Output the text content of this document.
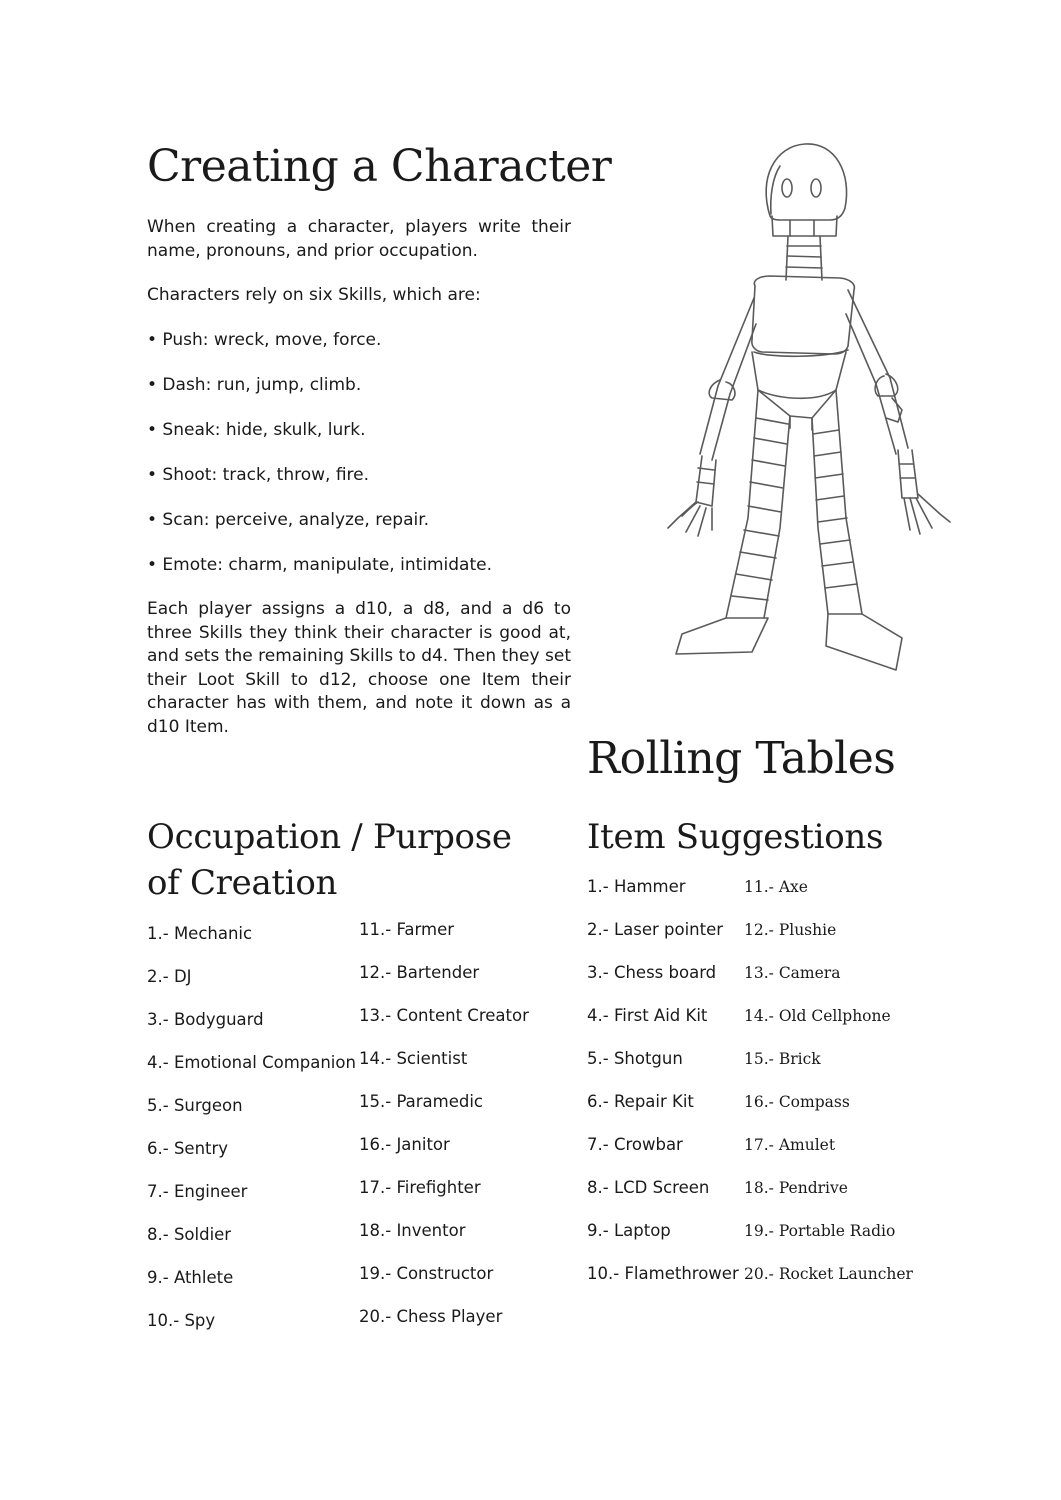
Creating a Character

When creating a character, players write their name, pronouns, and prior occupation.

Characters rely on six Skills, which are:

• Push: wreck, move, force.

• Dash: run, jump, climb.

• Sneak: hide, skulk, lurk.

• Shoot: track, throw, fire.

• Scan: perceive, analyze, repair.

• Emote: charm, manipulate, intimidate.

Each player assigns a d10, a d8, and a d6 to three Skills they think their character is good at, and sets the remaining Skills to d4. Then they set their Loot Skill to d12, choose one Item their character has with them, and note it down as a d10 Item.

Rolling Tables
Occupation / Purpose
of Creation

1.- Mechanic

2.- DJ

3.- Bodyguard

4.- Emotional Companion

5.- Surgeon

6.- Sentry

7.- Engineer

8.- Soldier

9.- Athlete

10.- Spy

11.- Farmer

12.- Bartender

13.- Content Creator

14.- Scientist

15.- Paramedic

16.- Janitor

17.- Firefighter

18.- Inventor

19.- Constructor

20.- Chess Player

Item Suggestions

1.- Hammer

2.- Laser pointer

3.- Chess board

4.- First Aid Kit

5.- Shotgun

6.- Repair Kit

7.- Crowbar

8.- LCD Screen

9.- Laptop

10.- Flamethrower

11.- Axe

12.- Plushie

13.- Camera

14.- Old Cellphone

15.- Brick

16.- Compass

17.- Amulet

18.- Pendrive

19.- Portable Radio

20.- Rocket Launcher
